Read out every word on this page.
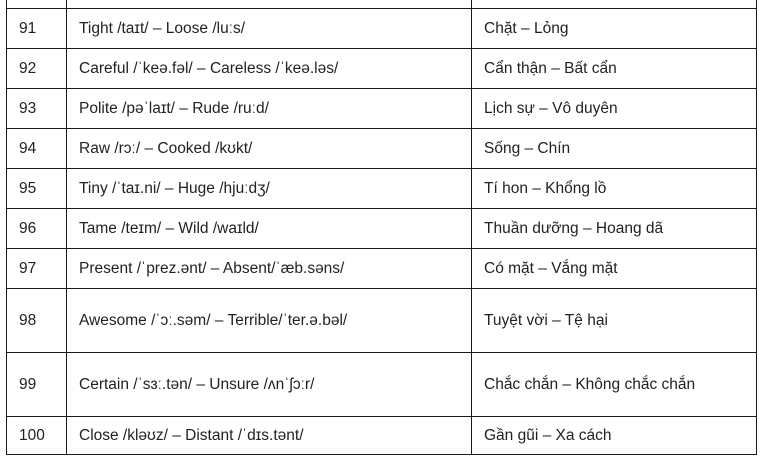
91	Tight /taɪt/ – Loose /luːs/	Chặt – Lỏng
92	Careful /ˈkeə.fəl/ – Careless /ˈkeə.ləs/	Cẩn thận – Bất cẩn
93	Polite /pəˈlaɪt/ – Rude /ruːd/	Lịch sự – Vô duyên
94	Raw /rɔː/ – Cooked /kʊkt/	Sống – Chín
95	Tiny /ˈtaɪ.ni/ – Huge /hjuːdʒ/	Tí hon – Khổng lồ
96	Tame /teɪm/ – Wild /waɪld/	Thuần dưỡng – Hoang dã
97	Present /ˈprez.ənt/ – Absent/ˈæb.səns/	Có mặt – Vắng mặt
98	Awesome /ˈɔː.səm/ – Terrible/ˈter.ə.bəl/	Tuyệt vời – Tệ hại
99	Certain /ˈsɜː.tən/ – Unsure /ʌnˈʃɔːr/	Chắc chắn – Không chắc chắn
100	Close /kləʊz/ – Distant /ˈdɪs.tənt/	Gần gũi – Xa cách
